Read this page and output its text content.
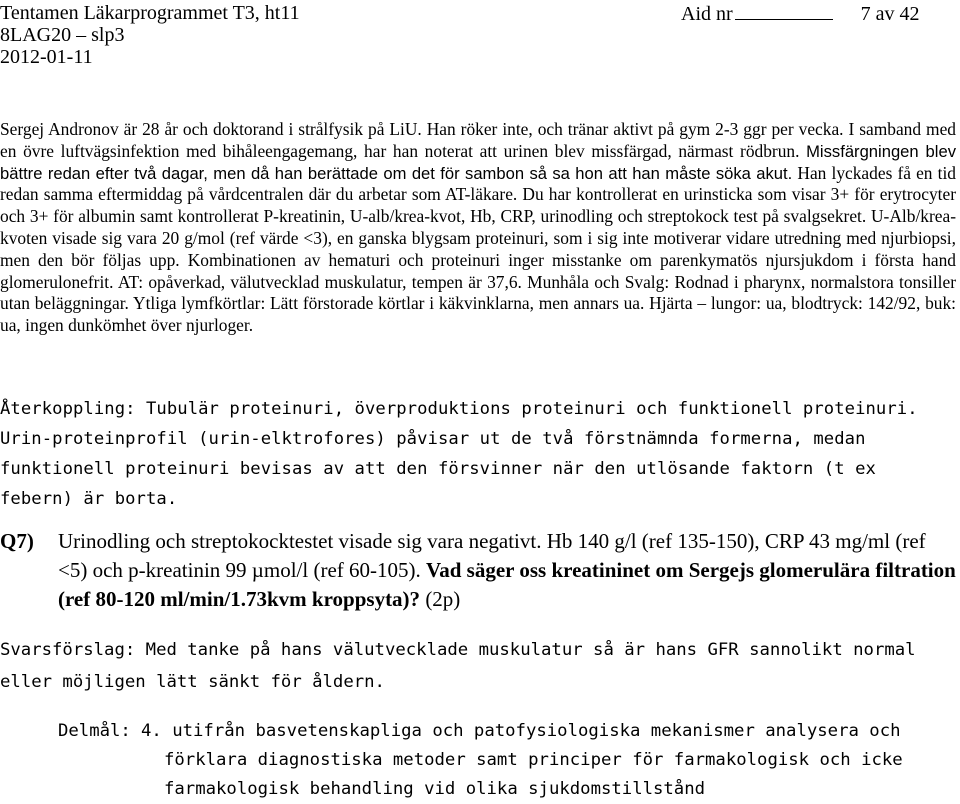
Tentamen Läkarprogrammet T3, ht11
8LAG20 – slp3
2012-01-11
Aid nr	7 av 42
Sergej Andronov är 28 år och doktorand i strålfysik på LiU. Han röker inte, och tränar aktivt på gym 2-3 ggr per vecka. I samband med en övre luftvägsinfektion med bihåleengagemang, har han noterat att urinen blev missfärgad, närmast rödbrun. Missfärgningen blev bättre redan efter två dagar, men då han berättade om det för sambon så sa hon att han måste söka akut. Han lyckades få en tid redan samma eftermiddag på vårdcentralen där du arbetar som AT-läkare. Du har kontrollerat en urinsticka som visar 3+ för erytrocyter och 3+ för albumin samt kontrollerat P-kreatinin, U-alb/krea-kvot, Hb, CRP, urinodling och streptokock test på svalgsekret. U-Alb/krea-kvoten visade sig vara 20 g/mol (ref värde <3), en ganska blygsam proteinuri, som i sig inte motiverar vidare utredning med njurbiopsi, men den bör följas upp. Kombinationen av hematuri och proteinuri inger misstanke om parenkymatös njursjukdom i första hand glomerulonefrit. AT: opåverkad, välutvecklad muskulatur, tempen är 37,6. Munhåla och Svalg: Rodnad i pharynx, normalstora tonsiller utan beläggningar. Ytliga lymfkörtlar: Lätt förstorade körtlar i käkvinklarna, men annars ua. Hjärta – lungor: ua, blodtryck: 142/92, buk: ua, ingen dunkömhet över njurloger.
Återkoppling: Tubulär proteinuri, överproduktions proteinuri och funktionell proteinuri. Urin-proteinprofil (urin-elktrofores) påvisar ut de två förstnämnda formerna, medan funktionell proteinuri bevisas av att den försvinner när den utlösande faktorn (t ex febern) är borta.
Q7) Urinodling och streptokocktestet visade sig vara negativt. Hb 140 g/l (ref 135-150), CRP 43 mg/ml (ref <5) och p-kreatinin 99 µmol/l (ref 60-105). Vad säger oss kreatininet om Sergejs glomerulära filtration (ref 80-120 ml/min/1.73kvm kroppsyta)? (2p)
Svarsförslag: Med tanke på hans välutvecklade muskulatur så är hans GFR sannolikt normal eller möjligen lätt sänkt för åldern.
Delmål: 4. utifrån basvetenskapliga och patofysiologiska mekanismer analysera och förklara diagnostiska metoder samt principer för farmakologisk och icke farmakologisk behandling vid olika sjukdomstillstånd
